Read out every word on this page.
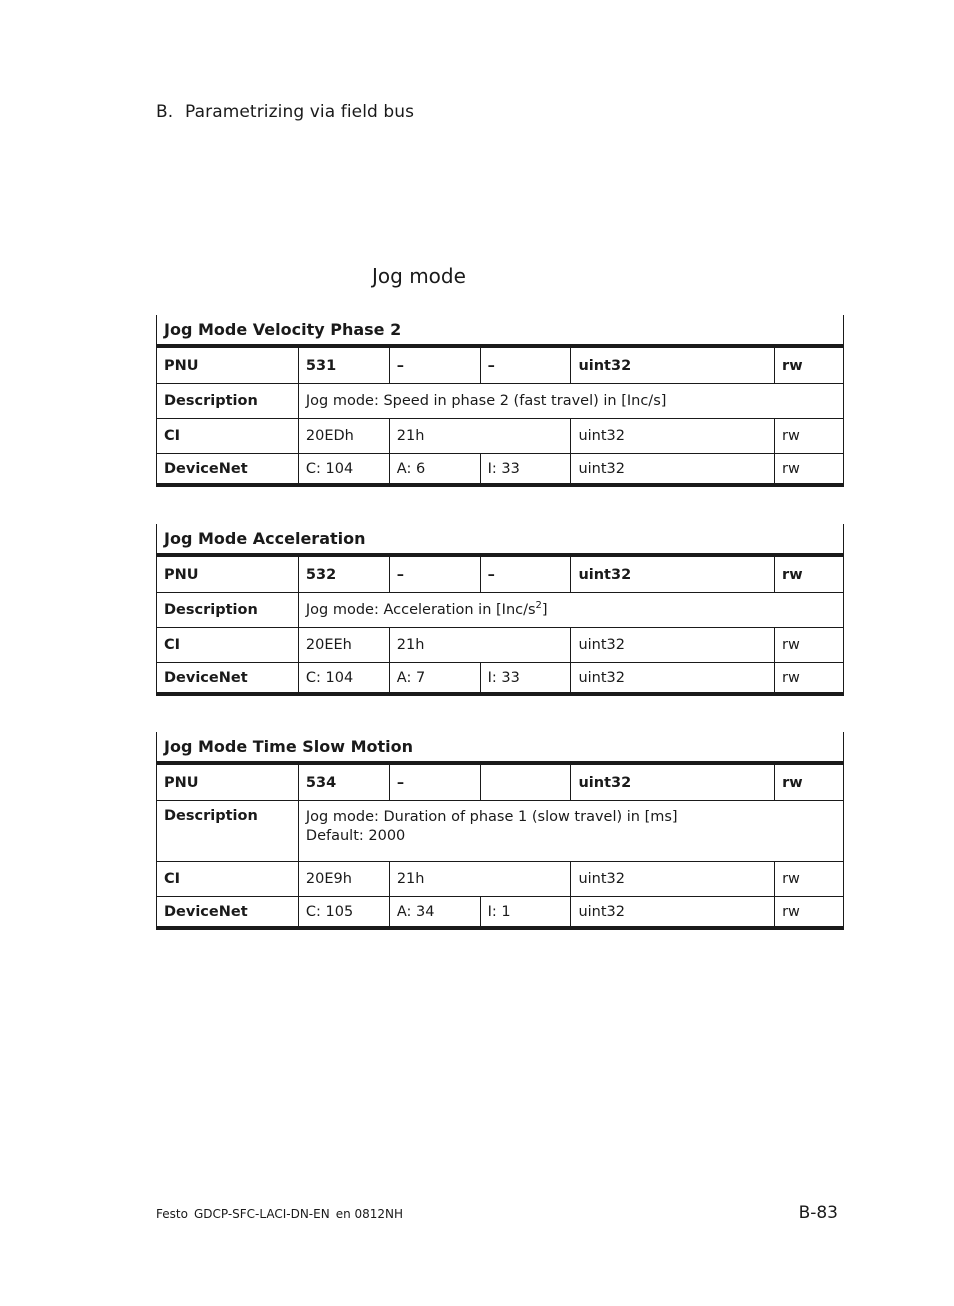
B. Parametrizing via field bus
Jog mode
Jog Mode Velocity Phase 2					
PNU	531	–	–	uint32	rw
Description	Jog mode: Speed in phase 2 (fast travel) in [Inc/s]				

CI	20EDh	21h		uint32	rw
DeviceNet	C: 104	A: 6	I: 33	uint32	rw
Jog Mode Acceleration					
PNU	532	–	–	uint32	rw
Description	Jog mode: Acceleration in $[Inc/s^2]$				

CI	20EEh	21h		uint32	rw
DeviceNet	C: 104	A: 7	I: 33	uint32	rw
Jog Mode Time Slow Motion					
PNU	534	–		uint32	rw
Description	Jog mode: Duration of phase 1 (slow travel) in [ms]
Default: 2000				

CI	20E9h	21h		uint32	rw
DeviceNet	C: 105	A: 34	I: 1	uint32	rw
Festo GDCP-SFC-LACI-DN-EN en 0812NH	B-83
